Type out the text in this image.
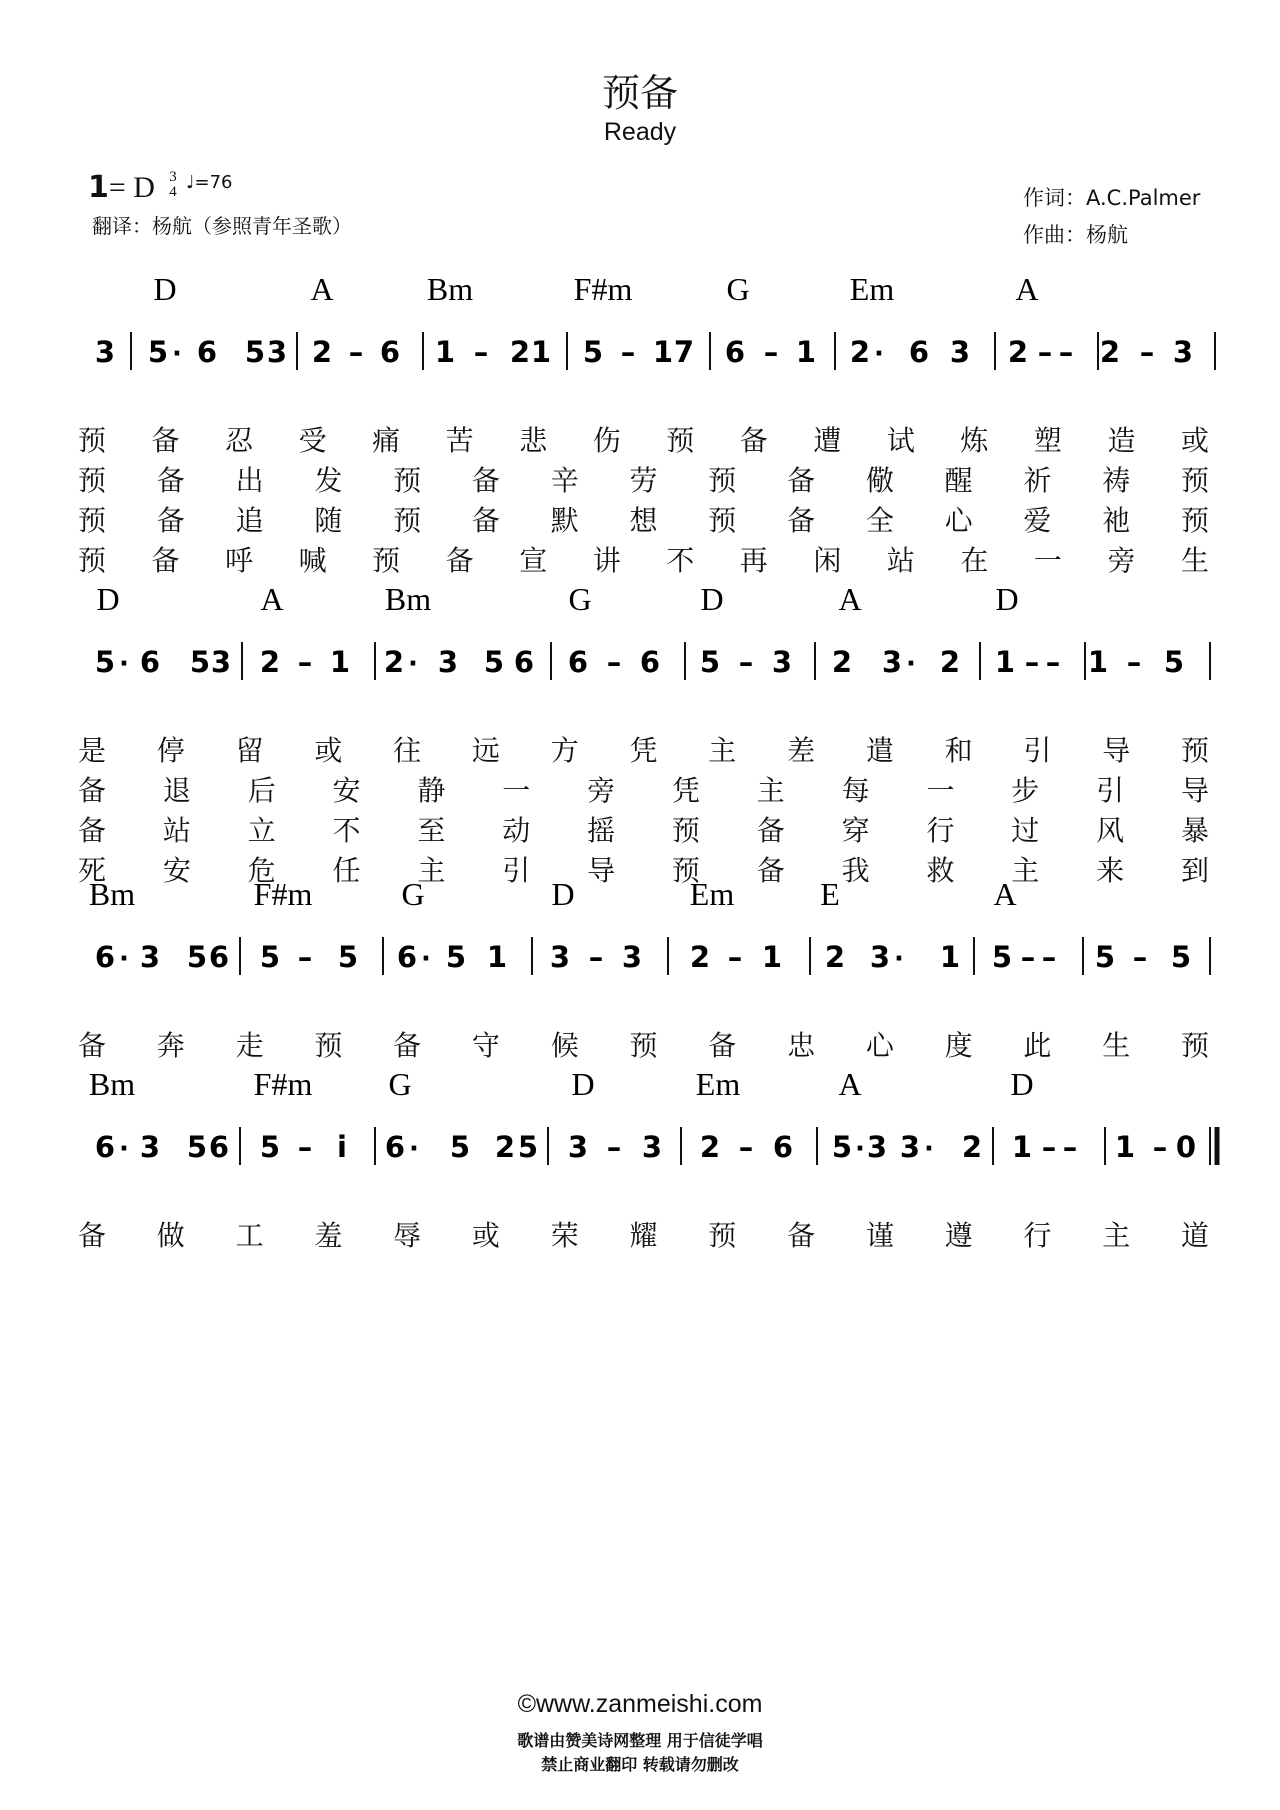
预备
Ready
1= D 3
4 ♩=76
翻译：杨航（参照青年圣歌）
作词：A.C.Palmer
作曲：杨航
D	A	Bm	F#m	G	Em	A
3 5 · 6 5 3 2 – 6 1 – 2 1 5 – 1 7 6 – 1 2 · 6 3 2 – – 2 – 3
D	A	Bm	G	D	A	D
5 · 6 5 3 2 – 1 2 · 3 5 6 6 – 6 5 – 3 2 3 · 2 1 – – 1 – 5
Bm	F#m	G	D	Em	E	A
6 · 3 5 6 5 – 5 6 · 5 1 3 – 3 2 – 1 2 3 · 1 5 – – 5 – 5
Bm	F#m G	D	Em	A	D
6 · 3 5 6 5 – i 6 · 5 2 5 3 – 3 2 – 6 5 · 3 3 · 2 1 – – 1 – 0
预 备 忍 受 痛 苦 悲 伤 预 备 遭 试 炼 塑 造 或
预 备 出 发 预 备 辛 劳 预 备 儆 醒 祈 祷 预
预 备 追 随 预 备 默 想 预 备 全 心 爱 祂 预
预 备 呼 喊 预 备 宣 讲 不 再 闲 站 在 一 旁 生
是 停 留 或 往 远 方 凭 主 差 遣 和 引 导 预
备 退 后 安 静 一 旁 凭 主 每 一 步 引 导
备 站 立 不 至 动 摇 预 备 穿 行 过 风 暴
死 安 危 任 主 引 导 预 备 我 救 主 来 到
备 奔 走 预 备 守 候 预 备 忠 心 度 此 生 预
备 做 工 羞 辱 或 荣 耀 预 备 谨 遵 行 主 道
©www.zanmeishi.com
歌谱由赞美诗网整理 用于信徒学唱
禁止商业翻印 转载请勿删改
